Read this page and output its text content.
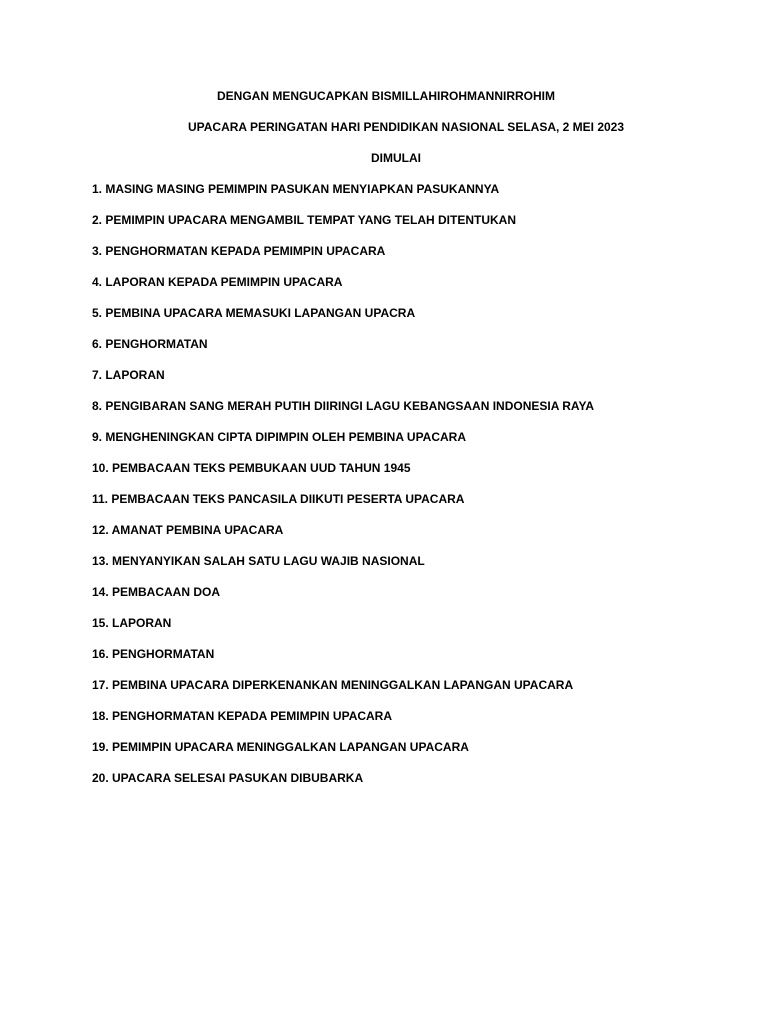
DENGAN MENGUCAPKAN BISMILLAHIROHMANNIRROHIM
UPACARA PERINGATAN HARI PENDIDIKAN NASIONAL SELASA, 2 MEI 2023
DIMULAI
1. MASING MASING PEMIMPIN PASUKAN MENYIAPKAN PASUKANNYA
2. PEMIMPIN UPACARA MENGAMBIL TEMPAT YANG TELAH DITENTUKAN
3. PENGHORMATAN KEPADA PEMIMPIN UPACARA
4. LAPORAN KEPADA PEMIMPIN UPACARA
5. PEMBINA UPACARA MEMASUKI LAPANGAN UPACRA
6. PENGHORMATAN
7. LAPORAN
8. PENGIBARAN SANG MERAH PUTIH DIIRINGI LAGU KEBANGSAAN INDONESIA RAYA
9. MENGHENINGKAN CIPTA DIPIMPIN OLEH PEMBINA UPACARA
10. PEMBACAAN TEKS PEMBUKAAN UUD TAHUN 1945
11. PEMBACAAN TEKS PANCASILA DIIKUTI PESERTA UPACARA
12. AMANAT PEMBINA UPACARA
13. MENYANYIKAN SALAH SATU LAGU WAJIB NASIONAL
14. PEMBACAAN DOA
15. LAPORAN
16. PENGHORMATAN
17. PEMBINA UPACARA DIPERKENANKAN MENINGGALKAN LAPANGAN UPACARA
18. PENGHORMATAN KEPADA PEMIMPIN UPACARA
19. PEMIMPIN UPACARA MENINGGALKAN LAPANGAN UPACARA
20. UPACARA SELESAI PASUKAN DIBUBARKA
